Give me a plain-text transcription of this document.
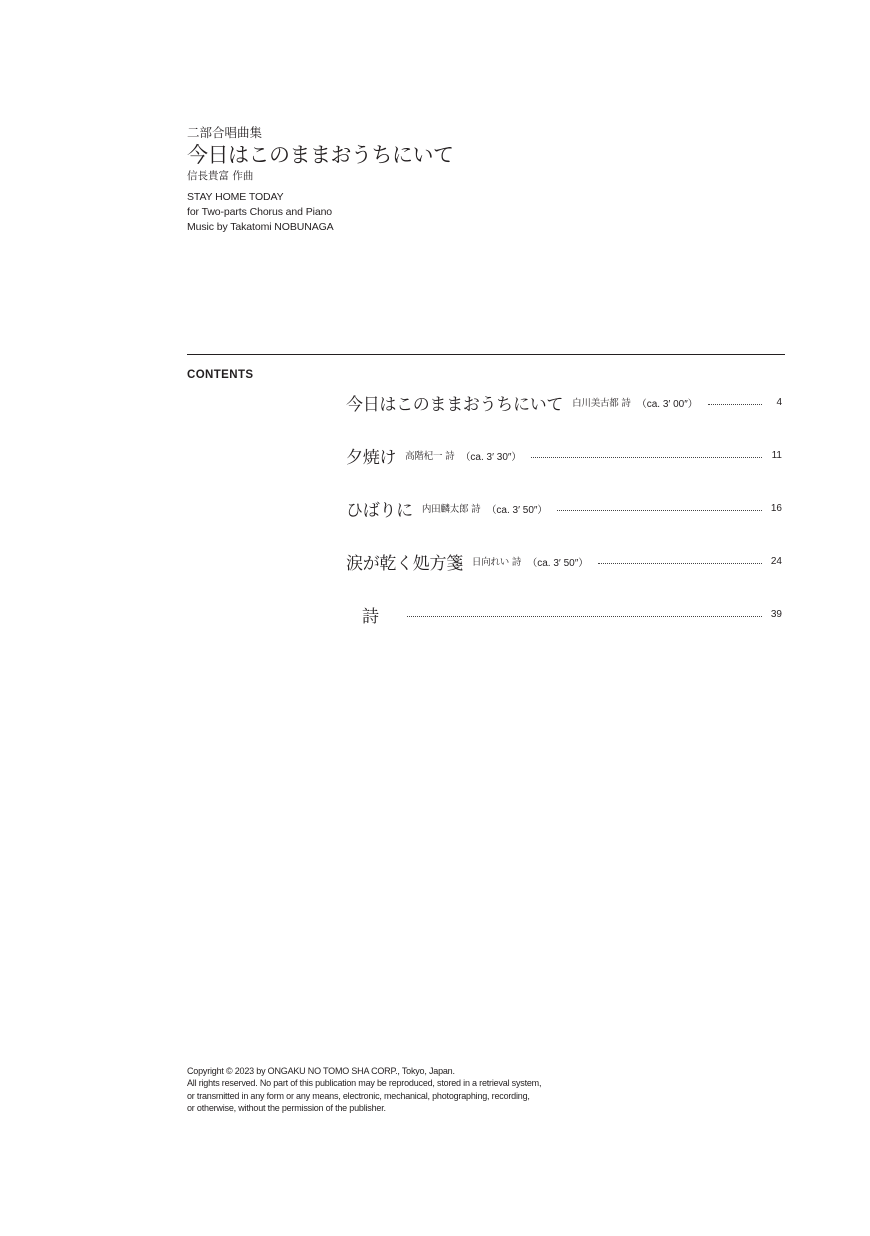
二部合唱曲集
今日はこのままおうちにいて
信長貴富 作曲
STAY HOME TODAY
for Two-parts Chorus and Piano
Music by Takatomi NOBUNAGA
CONTENTS
今日はこのままおうちにいて 白川美古都 詩 （ca. 3′ 00″）	4
夕焼け 高階杞一 詩 （ca. 3′ 30″）	11
ひばりに 内田麟太郎 詩 （ca. 3′ 50″）	16
涙が乾く処方箋 日向れい 詩 （ca. 3′ 50″）	24
詩	39
Copyright © 2023 by ONGAKU NO TOMO SHA CORP., Tokyo, Japan.
All rights reserved. No part of this publication may be reproduced, stored in a retrieval system,
or transmitted in any form or any means, electronic, mechanical, photographing, recording,
or otherwise, without the permission of the publisher.
